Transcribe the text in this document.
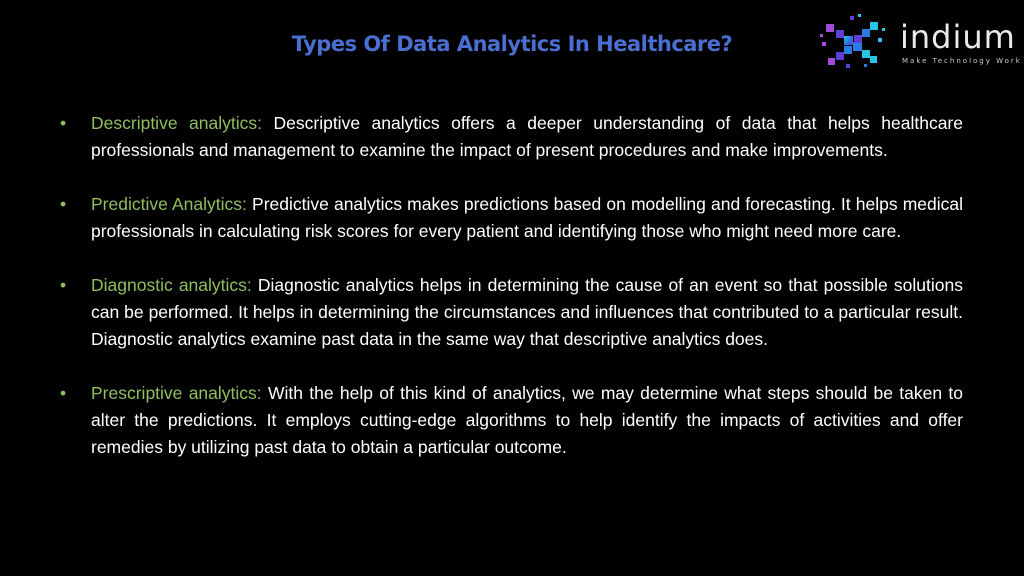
Types Of Data Analytics In Healthcare?	indium
Make Technology Work
• Descriptive analytics: Descriptive analytics offers a deeper understanding of data that helps healthcare professionals and management to examine the impact of present procedures and make improvements.
• Predictive Analytics: Predictive analytics makes predictions based on modelling and forecasting. It helps medical professionals in calculating risk scores for every patient and identifying those who might need more care.
• Diagnostic analytics: Diagnostic analytics helps in determining the cause of an event so that possible solutions can be performed. It helps in determining the circumstances and influences that contributed to a particular result. Diagnostic analytics examine past data in the same way that descriptive analytics does.
• Prescriptive analytics: With the help of this kind of analytics, we may determine what steps should be taken to alter the predictions. It employs cutting-edge algorithms to help identify the impacts of activities and offer remedies by utilizing past data to obtain a particular outcome.
